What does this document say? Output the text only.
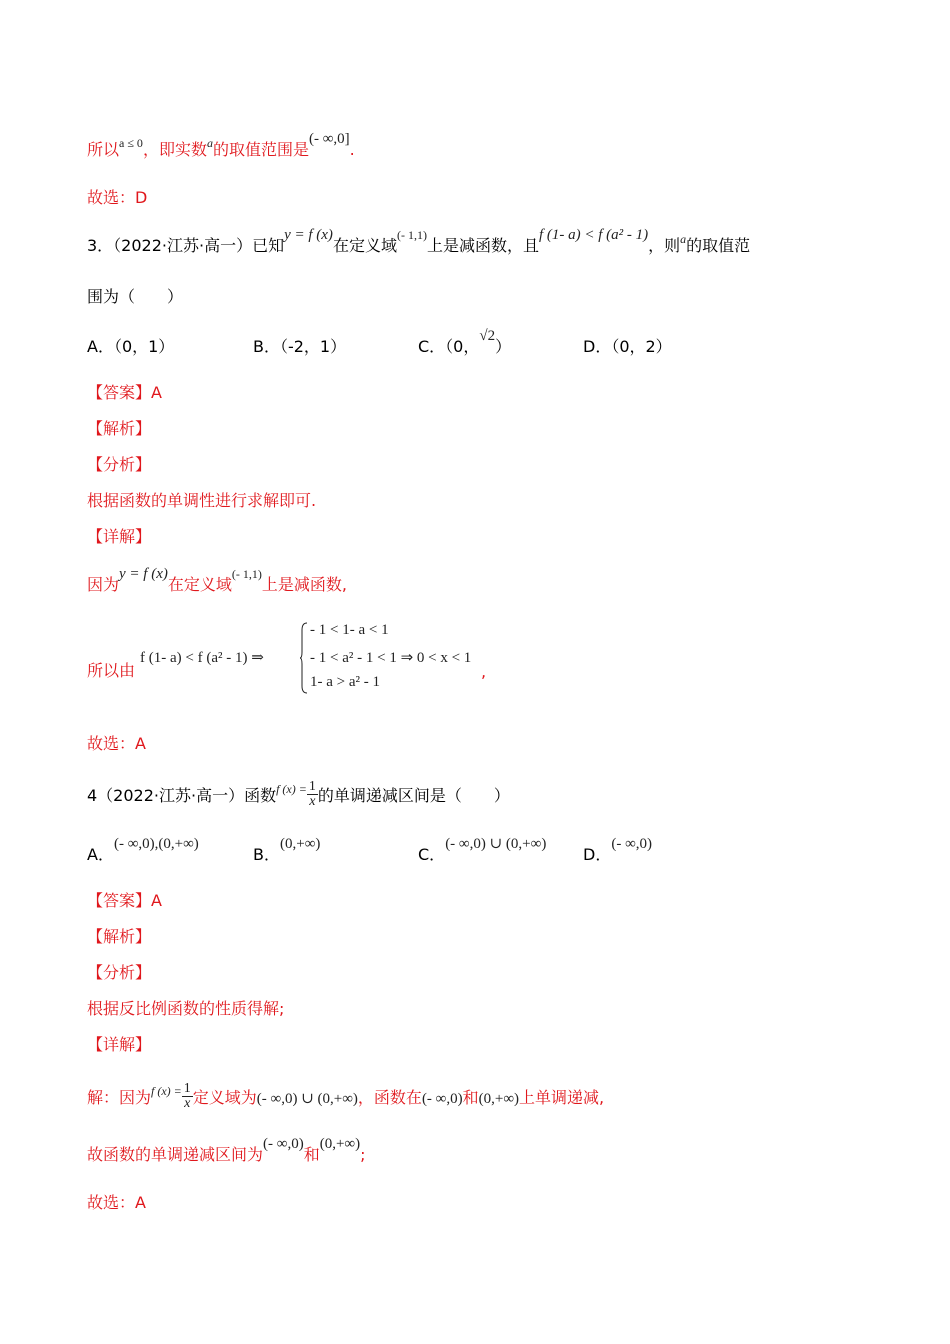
所以$^{a \le 0}$，即实数$^a$的取值范围是(- ∞,0].
故选：D
3．（2022·江苏·高一）已知y = f (x)在定义域$^{(- 1,1)}$上是减函数，且f (1- a) < f (a² - 1)，则$^a$的取值范
围为（　　）
A．（0，1）	B．（-2，1）	C．（0，√2）	D．（0，2）
【答案】A
【解析】
【分析】
根据函数的单调性进行求解即可.
【详解】
因为y = f (x)在定义域$^{(- 1,1)}$上是减函数,
所以由
f (1- a) < f (a² - 1) ⇒
- 1 < 1- a < 1
- 1 < a² - 1 < 1 ⇒ 0 < x < 1
1- a > a² - 1
,
故选：A
4（2022·江苏·高一）函数$^{f (x) =} \frac{1}{x}$ 的单调递减区间是（　　）
A．(- ∞,0),(0,+∞)
B．(0,+∞)
C．(- ∞,0) ∪ (0,+∞)
D．(- ∞,0)
【答案】A
【解析】
【分析】
根据反比例函数的性质得解;
【详解】
解：因为$^{f (x) =} \frac{1}{x}$ 定义域为(- ∞,0) ∪ (0,+∞)，函数在(- ∞,0)和(0,+∞)上单调递减,
故函数的单调递减区间为(- ∞,0)和(0,+∞);
故选：A
